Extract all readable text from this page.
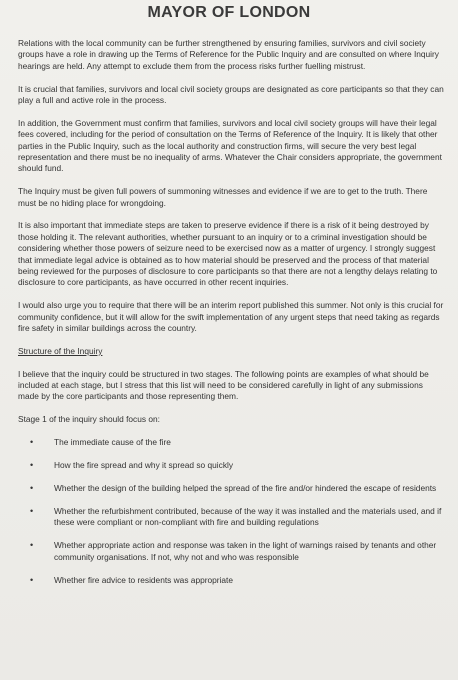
MAYOR OF LONDON

Relations with the local community can be further strengthened by ensuring families, survivors and civil society groups have a role in drawing up the Terms of Reference for the Public Inquiry and are consulted on where Inquiry hearings are held. Any attempt to exclude them from the process risks further fuelling mistrust.

It is crucial that families, survivors and local civil society groups are designated as core participants so that they can play a full and active role in the process.

In addition, the Government must confirm that families, survivors and local civil society groups will have their legal fees covered, including for the period of consultation on the Terms of Reference of the Inquiry. It is likely that other parties in the Public Inquiry, such as the local authority and construction firms, will secure the very best legal representation and there must be no inequality of arms. Whatever the Chair considers appropriate, the government should fund.

The Inquiry must be given full powers of summoning witnesses and evidence if we are to get to the truth. There must be no hiding place for wrongdoing.

It is also important that immediate steps are taken to preserve evidence if there is a risk of it being destroyed by those holding it. The relevant authorities, whether pursuant to an inquiry or to a criminal investigation should be considering whether those powers of seizure need to be exercised now as a matter of urgency. I strongly suggest that immediate legal advice is obtained as to how material should be preserved and the process of that material being reviewed for the purposes of disclosure to core participants so that there are not a lengthy delays relating to disclosure to core participants, as have occurred in other recent inquiries.

I would also urge you to require that there will be an interim report published this summer. Not only is this crucial for community confidence, but it will allow for the swift implementation of any urgent steps that need taking as regards fire safety in similar buildings across the country.

Structure of the Inquiry

I believe that the inquiry could be structured in two stages. The following points are examples of what should be included at each stage, but I stress that this list will need to be considered carefully in light of any submissions made by the core participants and those representing them.

Stage 1 of the inquiry should focus on:

• The immediate cause of the fire
• How the fire spread and why it spread so quickly
• Whether the design of the building helped the spread of the fire and/or hindered the escape of residents
• Whether the refurbishment contributed, because of the way it was installed and the materials used, and if these were compliant or non-compliant with fire and building regulations
• Whether appropriate action and response was taken in the light of warnings raised by tenants and other community organisations. If not, why not and who was responsible
• Whether fire advice to residents was appropriate
